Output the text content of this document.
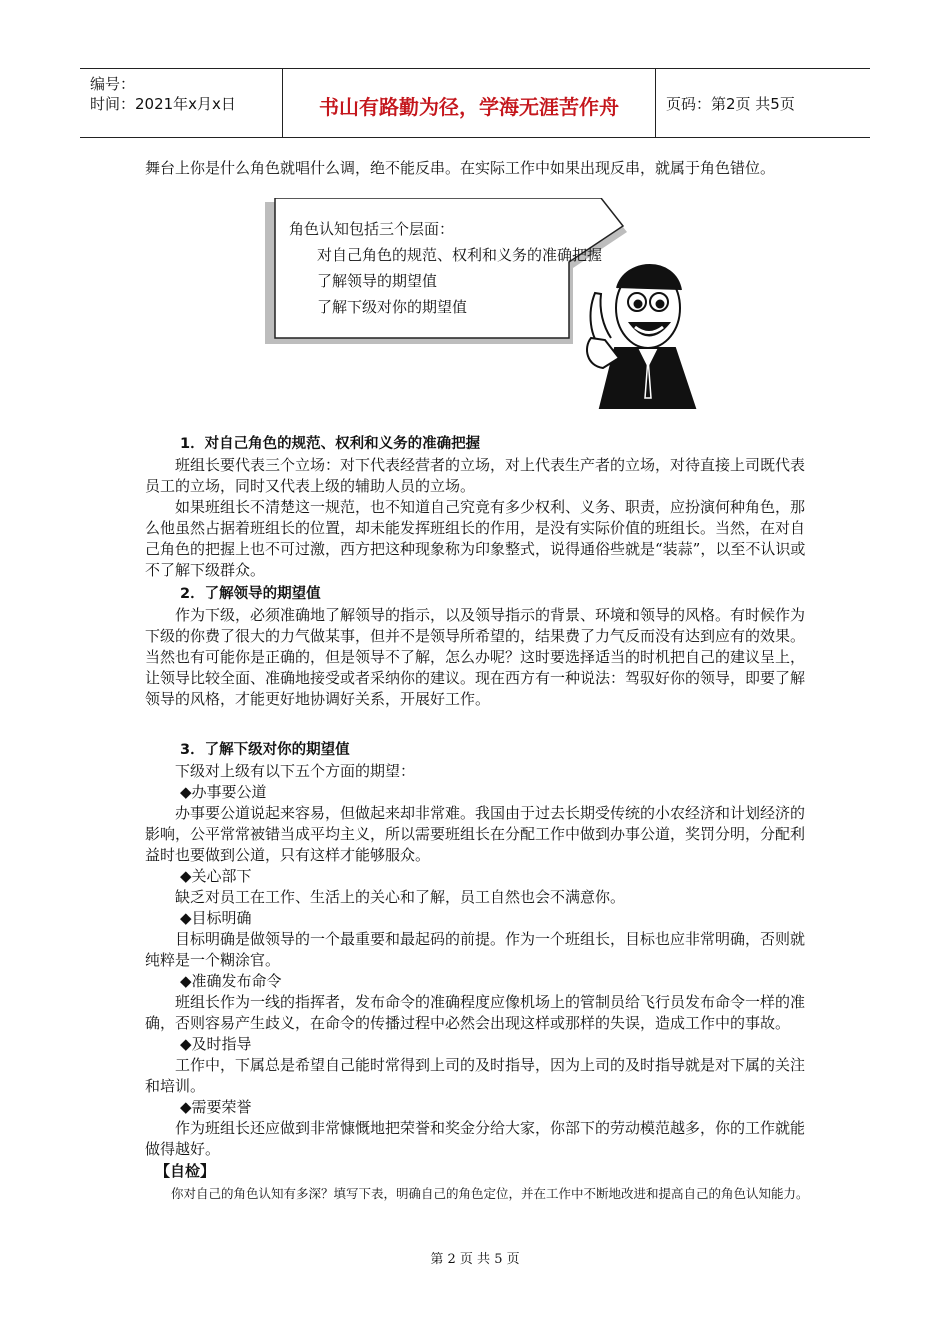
编号：
时间：2021年x月x日	书山有路勤为径，学海无涯苦作舟	页码：第2页 共5页

舞台上你是什么角色就唱什么调，绝不能反串。在实际工作中如果出现反串，就属于角色错位。

角色认知包括三个层面：
对自己角色的规范、权利和义务的准确把握
了解领导的期望值
了解下级对你的期望值

1．对自己角色的规范、权利和义务的准确把握

班组长要代表三个立场：对下代表经营者的立场，对上代表生产者的立场，对待直接上司既代表员工的立场，同时又代表上级的辅助人员的立场。

如果班组长不清楚这一规范，也不知道自己究竟有多少权利、义务、职责，应扮演何种角色，那么他虽然占据着班组长的位置，却未能发挥班组长的作用，是没有实际价值的班组长。当然，在对自己角色的把握上也不可过激，西方把这种现象称为印象整式，说得通俗些就是“装蒜”，以至不认识或不了解下级群众。

2．了解领导的期望值

作为下级，必须准确地了解领导的指示，以及领导指示的背景、环境和领导的风格。有时候作为下级的你费了很大的力气做某事，但并不是领导所希望的，结果费了力气反而没有达到应有的效果。当然也有可能你是正确的，但是领导不了解，怎么办呢？这时要选择适当的时机把自己的建议呈上，让领导比较全面、准确地接受或者采纳你的建议。现在西方有一种说法：驾驭好你的领导，即要了解领导的风格，才能更好地协调好关系，开展好工作。

3．了解下级对你的期望值

下级对上级有以下五个方面的期望：

◆办事要公道

办事要公道说起来容易，但做起来却非常难。我国由于过去长期受传统的小农经济和计划经济的影响，公平常常被错当成平均主义，所以需要班组长在分配工作中做到办事公道，奖罚分明，分配利益时也要做到公道，只有这样才能够服众。

◆关心部下

缺乏对员工在工作、生活上的关心和了解，员工自然也会不满意你。

◆目标明确

目标明确是做领导的一个最重要和最起码的前提。作为一个班组长，目标也应非常明确，否则就纯粹是一个糊涂官。

◆准确发布命令

班组长作为一线的指挥者，发布命令的准确程度应像机场上的管制员给飞行员发布命令一样的准确，否则容易产生歧义，在命令的传播过程中必然会出现这样或那样的失误，造成工作中的事故。

◆及时指导

工作中，下属总是希望自己能时常得到上司的及时指导，因为上司的及时指导就是对下属的关注和培训。

◆需要荣誉

作为班组长还应做到非常慷慨地把荣誉和奖金分给大家，你部下的劳动模范越多，你的工作就能做得越好。

【自检】

你对自己的角色认知有多深？填写下表，明确自己的角色定位，并在工作中不断地改进和提高自己的角色认知能力。

第 2 页 共 5 页
